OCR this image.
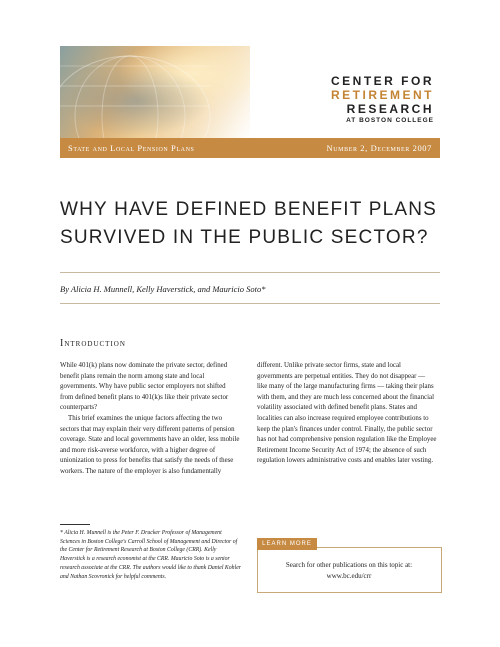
CENTER FOR
RETIREMENT
RESEARCH
AT BOSTON COLLEGE
State and Local Pension Plans	Number 2, December 2007
WHY HAVE DEFINED BENEFIT PLANS
SURVIVED IN THE PUBLIC SECTOR?
By Alicia H. Munnell, Kelly Haverstick, and Mauricio Soto*
Introduction

While 401(k) plans now dominate the private sector, defined benefit plans remain the norm among state and local governments. Why have public sector employers not shifted from defined benefit plans to 401(k)s like their private sector counterparts?

This brief examines the unique factors affecting the two sectors that may explain their very different patterns of pension coverage. State and local governments have an older, less mobile and more risk-averse workforce, with a higher degree of unionization to press for benefits that satisfy the needs of these workers. The nature of the employer is also fundamentally

different. Unlike private sector firms, state and local governments are perpetual entities. They do not disappear — like many of the large manufacturing firms — taking their plans with them, and they are much less concerned about the financial volatility associated with defined benefit plans. States and localities can also increase required employee contributions to keep the plan's finances under control. Finally, the public sector has not had comprehensive pension regulation like the Employee Retirement Income Security Act of 1974; the absence of such regulation lowers administrative costs and enables later vesting.

* Alicia H. Munnell is the Peter F. Drucker Professor of Management Sciences in Boston College's Carroll School of Management and Director of the Center for Retirement Research at Boston College (CRR). Kelly Haverstick is a research economist at the CRR. Mauricio Soto is a senior research associate at the CRR. The authors would like to thank Daniel Kohler and Nathan Scovronick for helpful comments.
LEARN MORE
Search for other publications on this topic at:
www.bc.edu/crr
